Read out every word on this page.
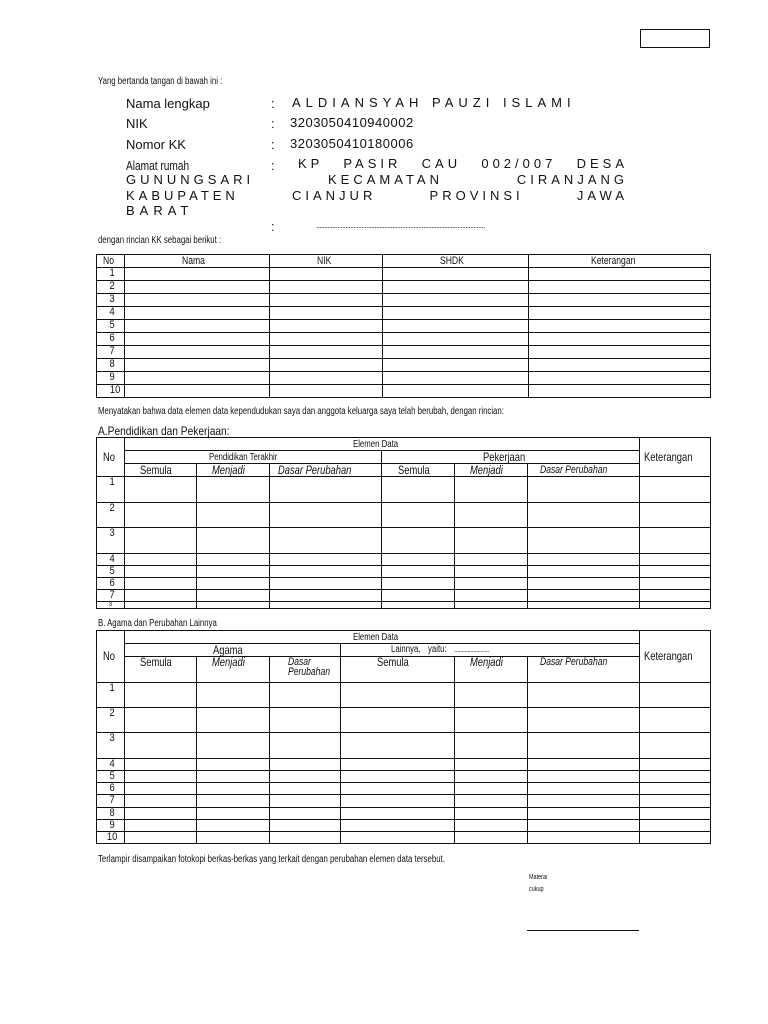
Yang bertanda tangan di bawah ini :
Nama lengkap	: ALDIANSYAH PAUZI ISLAMI
NIK	: 3203050410940002
Nomor KK	: 3203050410180006
Alamat rumah	: KP PASIR CAU 002/007 DESA
GUNUNGSARI KECAMATAN CIRANJANG
KABUPATEN CIANJUR PROVINSI JAWA
BARAT
:	........................................................................................................
dengan rincian KK sebagai berikut :
No	Nama	NIK	SHDK	Keterangan
1				
2				
3				
4				
5				
6				
7				
8				
9				
10				
Menyatakan bahwa data elemen data kependudukan saya dan anggota keluarga saya telah berubah, dengan rincian:
A.Pendidikan dan Pekerjaan:
No	Elemen Data						Keterangan
	Pendidikan Terakhir			Pekerjaan			
	Semula	Menjadi	Dasar Perubahan	Semula	Menjadi	Dasar Perubahan	
1							
2							
3							
4							
5							
6							
7							
8							
B. Agama dan Perubahan Lainnya
No	Elemen Data						Keterangan
	Agama			Lainnya, yaitu: ........................			
	Semula	Menjadi	Dasar Perubahan	Semula	Menjadi	Dasar Perubahan	
1							
2							
3							
4							
5							
6							
7							
8							
9							
10							
Terlampir disampaikan fotokopi berkas-berkas yang terkait dengan perubahan elemen data tersebut.
Materai
cukup
